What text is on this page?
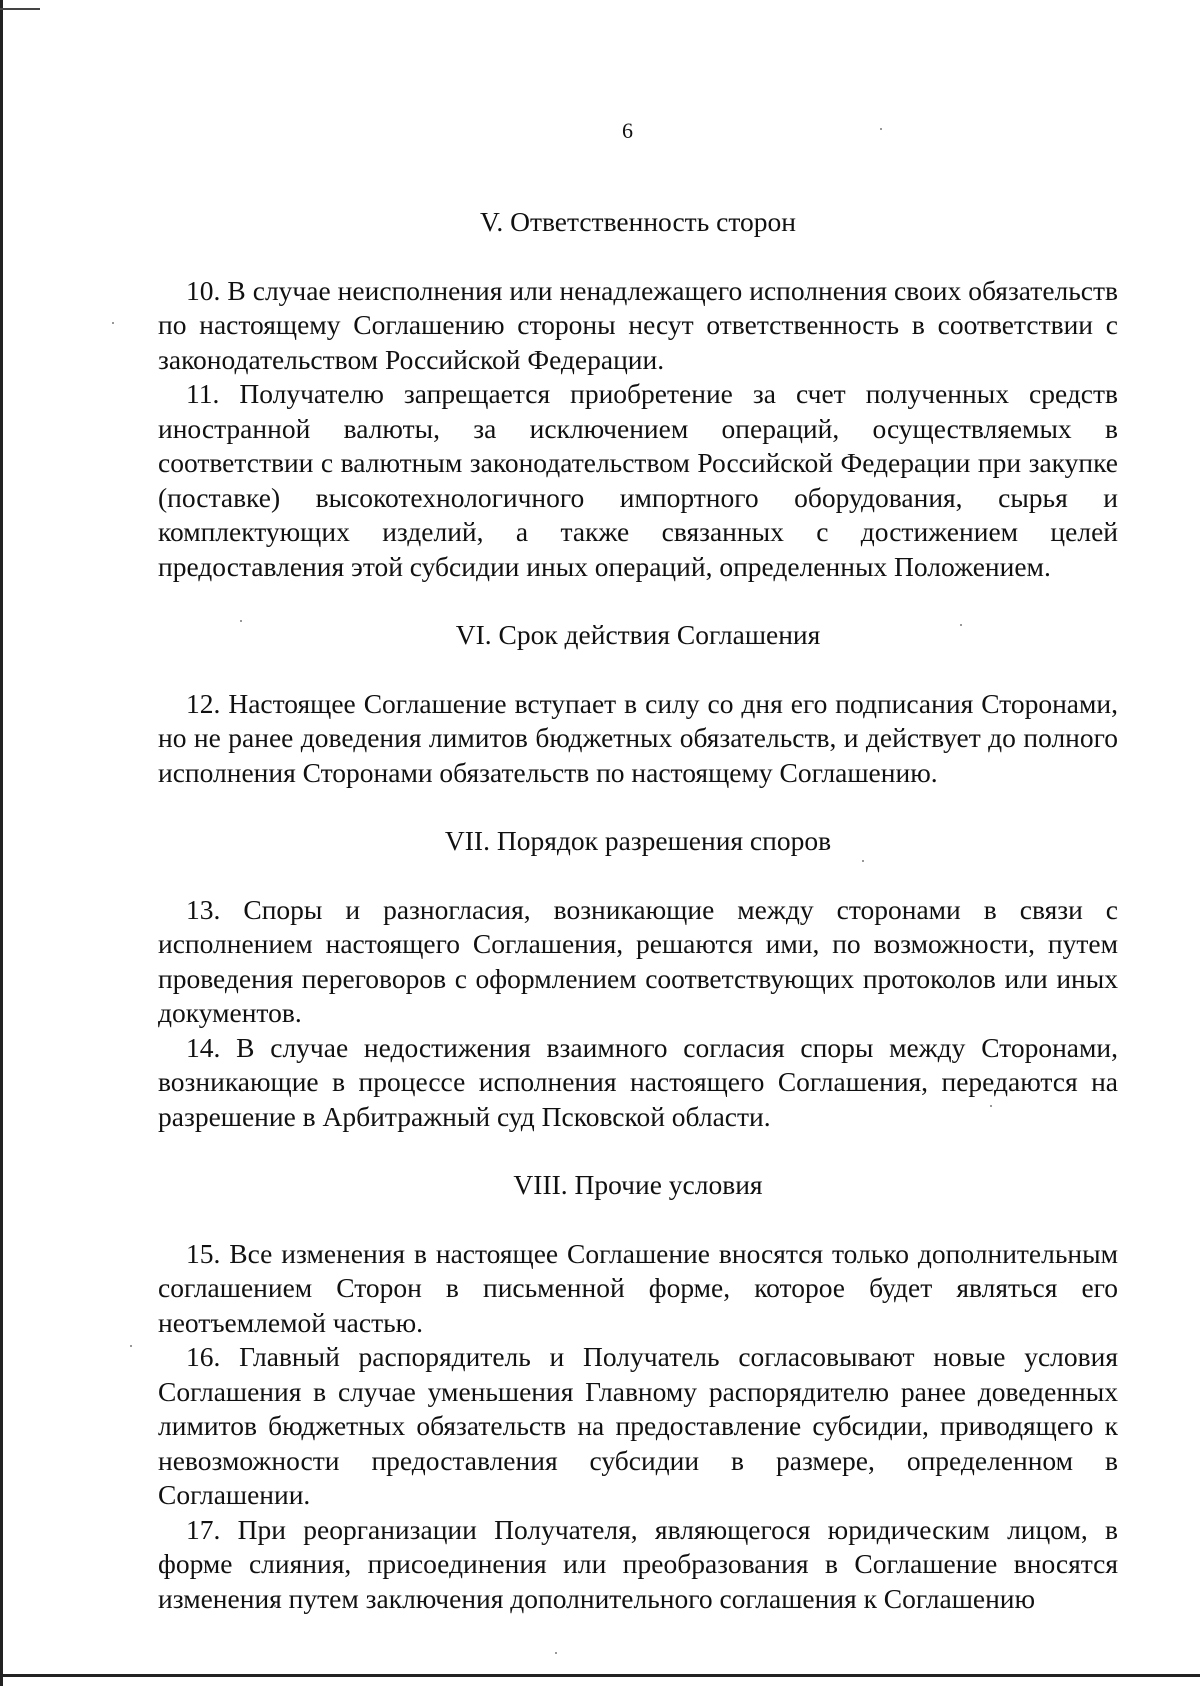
6
V. Ответственность сторон

10. В случае неисполнения или ненадлежащего исполнения своих обязательств по настоящему Соглашению стороны несут ответственность в соответствии с законодательством Российской Федерации.

11. Получателю запрещается приобретение за счет полученных средств иностранной валюты, за исключением операций, осуществляемых в соответствии с валютным законодательством Российской Федерации при закупке (поставке) высокотехнологичного импортного оборудования, сырья и комплектующих изделий, а также связанных с достижением целей предоставления этой субсидии иных операций, определенных Положением.

VI. Срок действия Соглашения

12. Настоящее Соглашение вступает в силу со дня его подписания Сторонами, но не ранее доведения лимитов бюджетных обязательств, и действует до полного исполнения Сторонами обязательств по настоящему Соглашению.

VII. Порядок разрешения споров

13. Споры и разногласия, возникающие между сторонами в связи с исполнением настоящего Соглашения, решаются ими, по возможности, путем проведения переговоров с оформлением соответствующих протоколов или иных документов.

14. В случае недостижения взаимного согласия споры между Сторонами, возникающие в процессе исполнения настоящего Соглашения, передаются на разрешение в Арбитражный суд Псковской области.

VIII. Прочие условия

15. Все изменения в настоящее Соглашение вносятся только дополнительным соглашением Сторон в письменной форме, которое будет являться его неотъемлемой частью.

16. Главный распорядитель и Получатель согласовывают новые условия Соглашения в случае уменьшения Главному распорядителю ранее доведенных лимитов бюджетных обязательств на предоставление субсидии, приводящего к невозможности предоставления субсидии в размере, определенном в Соглашении.

17. При реорганизации Получателя, являющегося юридическим лицом, в форме слияния, присоединения или преобразования в Соглашение вносятся изменения путем заключения дополнительного соглашения к Соглашению
